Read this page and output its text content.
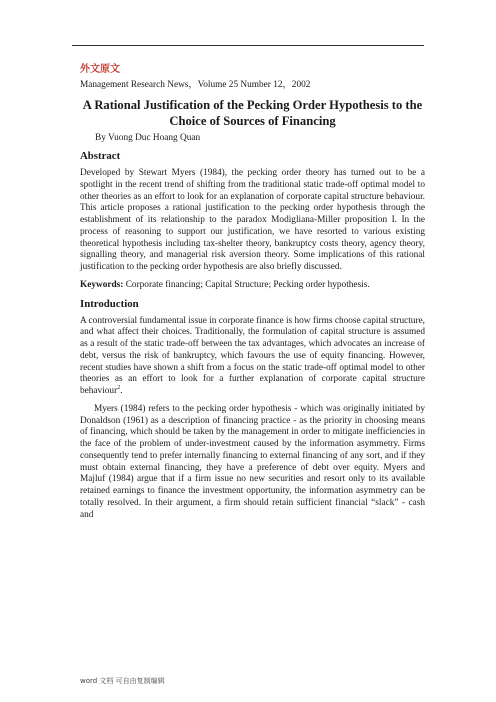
外文原文

Management Research News，Volume 25 Number 12，2002

A Rational Justification of the Pecking Order Hypothesis to the Choice of Sources of Financing

By Vuong Duc Hoang Quan

Abstract

Developed by Stewart Myers (1984), the pecking order theory has turned out to be a spotlight in the recent trend of shifting from the traditional static trade-off optimal model to other theories as an effort to look for an explanation of corporate capital structure behaviour. This article proposes a rational justification to the pecking order hypothesis through the establishment of its relationship to the paradox Modigliana-Miller proposition I. In the process of reasoning to support our justification, we have resorted to various existing theoretical hypothesis including tax-shelter theory, bankruptcy costs theory, agency theory, signalling theory, and managerial risk aversion theory. Some implications of this rational justification to the pecking order hypothesis are also briefly discussed.

Keywords: Corporate financing; Capital Structure; Pecking order hypothesis.

Introduction

A controversial fundamental issue in corporate finance is how firms choose capital structure, and what affect their choices. Traditionally, the formulation of capital structure is assumed as a result of the static trade-off between the tax advantages, which advocates an increase of debt, versus the risk of bankruptcy, which favours the use of equity financing. However, recent studies have shown a shift from a focus on the static trade-off optimal model to other theories as an effort to look for a further explanation of corporate capital structure behaviour$^2$.

Myers (1984) refers to the pecking order hypothesis - which was originally initiated by Donaldson (1961) as a description of financing practice - as the priority in choosing means of financing, which should be taken by the management in order to mitigate inefficiencies in the face of the problem of under-investment caused by the information asymmetry. Firms consequently tend to prefer internally financing to external financing of any sort, and if they must obtain external financing, they have a preference of debt over equity. Myers and Majluf (1984) argue that if a firm issue no new securities and resort only to its available retained earnings to finance the investment opportunity, the information asymmetry can be totally resolved. In their argument, a firm should retain sufficient financial “slack” - cash and

word 文档 可自由复制编辑
